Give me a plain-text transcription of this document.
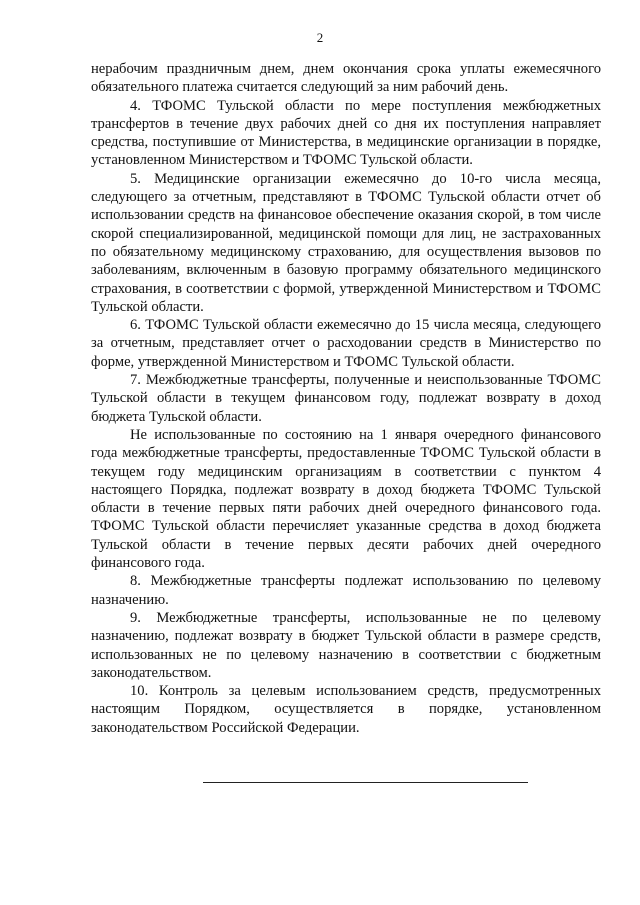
2

нерабочим праздничным днем, днем окончания срока уплаты ежемесячного обязательного платежа считается следующий за ним рабочий день.

4. ТФОМС Тульской области по мере поступления межбюджетных трансфертов в течение двух рабочих дней со дня их поступления направляет средства, поступившие от Министерства, в медицинские организации в порядке, установленном Министерством и ТФОМС Тульской области.

5. Медицинские организации ежемесячно до 10-го числа месяца, следующего за отчетным, представляют в ТФОМС Тульской области отчет об использовании средств на финансовое обеспечение оказания скорой, в том числе скорой специализированной, медицинской помощи для лиц, не застрахованных по обязательному медицинскому страхованию, для осуществления вызовов по заболеваниям, включенным в базовую программу обязательного медицинского страхования, в соответствии с формой, утвержденной Министерством и ТФОМС Тульской области.

6. ТФОМС Тульской области ежемесячно до 15 числа месяца, следующего за отчетным, представляет отчет о расходовании средств в Министерство по форме, утвержденной Министерством и ТФОМС Тульской области.

7. Межбюджетные трансферты, полученные и неиспользованные ТФОМС Тульской области в текущем финансовом году, подлежат возврату в доход бюджета Тульской области.

Не использованные по состоянию на 1 января очередного финансового года межбюджетные трансферты, предоставленные ТФОМС Тульской области в текущем году медицинским организациям в соответствии с пунктом 4 настоящего Порядка, подлежат возврату в доход бюджета ТФОМС Тульской области в течение первых пяти рабочих дней очередного финансового года. ТФОМС Тульской области перечисляет указанные средства в доход бюджета Тульской области в течение первых десяти рабочих дней очередного финансового года.

8. Межбюджетные трансферты подлежат использованию по целевому назначению.

9. Межбюджетные трансферты, использованные не по целевому назначению, подлежат возврату в бюджет Тульской области в размере средств, использованных не по целевому назначению в соответствии с бюджетным законодательством.

10. Контроль за целевым использованием средств, предусмотренных настоящим Порядком, осуществляется в порядке, установленном законодательством Российской Федерации.
